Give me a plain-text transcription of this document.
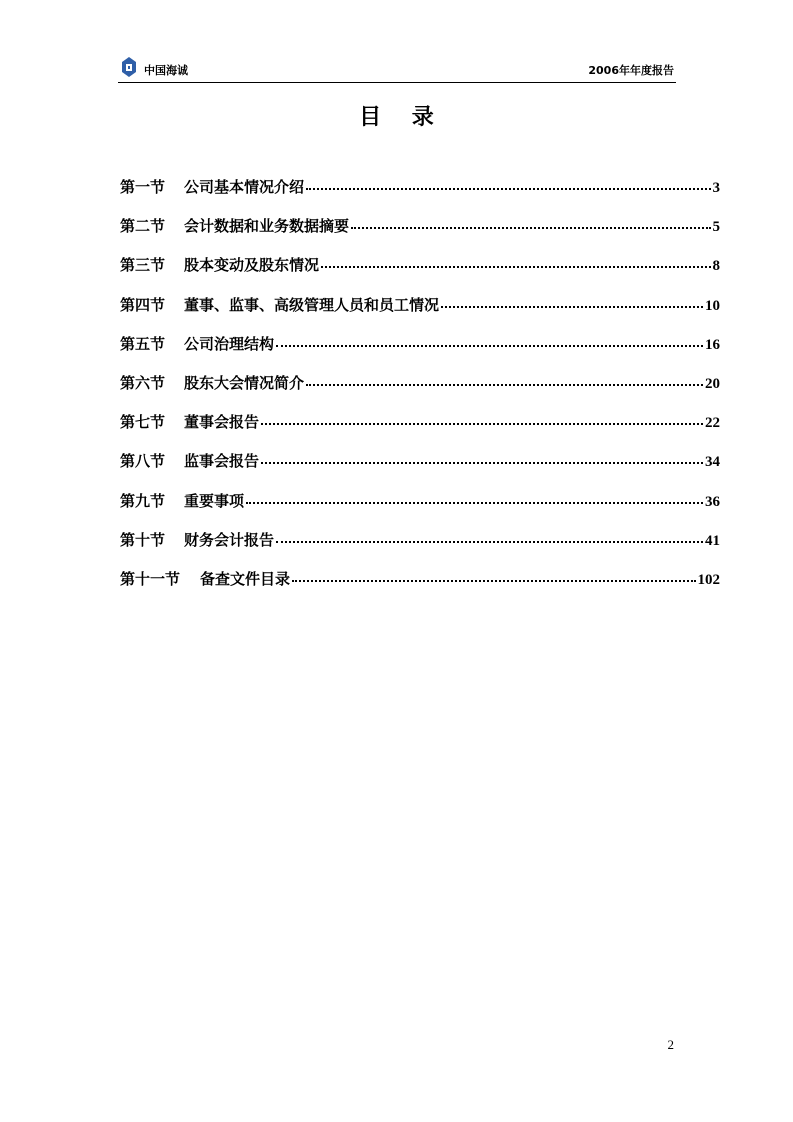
中国海诚	2006年年度报告
目    录
第一节	公司基本情况介绍	3
第二节	会计数据和业务数据摘要	5
第三节	股本变动及股东情况	8
第四节	董事、监事、高级管理人员和员工情况	10
第五节	公司治理结构	16
第六节	股东大会情况简介	20
第七节	董事会报告	22
第八节	监事会报告	34
第九节	重要事项	36
第十节	财务会计报告	41
第十一节	备查文件目录	102
2
